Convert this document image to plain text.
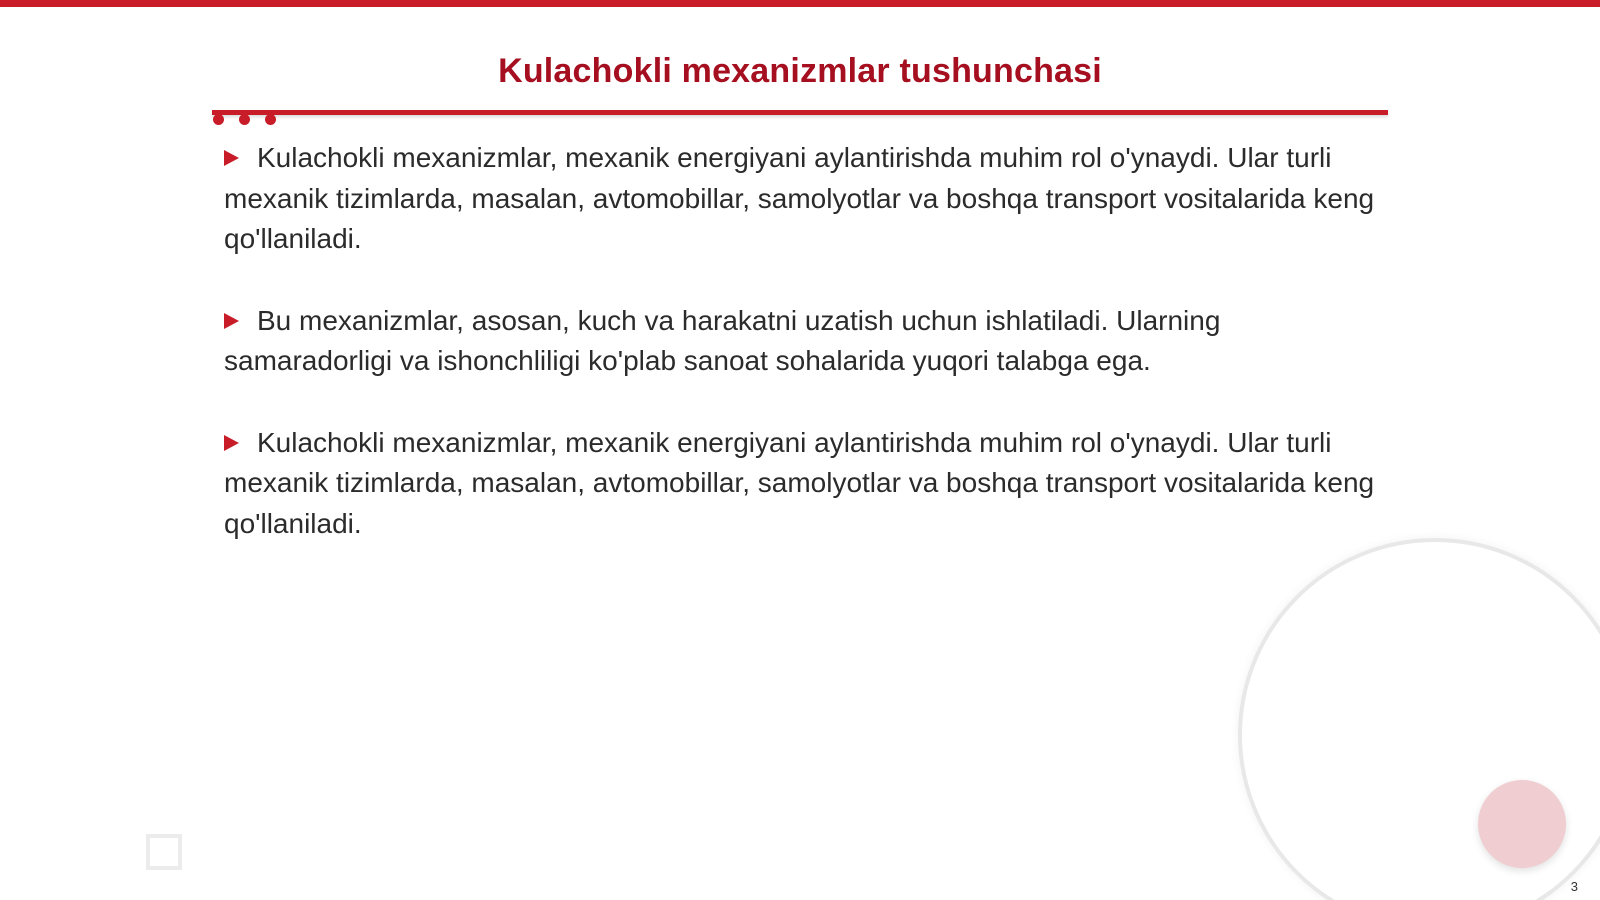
Kulachokli mexanizmlar tushunchasi
Kulachokli mexanizmlar, mexanik energiyani aylantirishda muhim rol o'ynaydi. Ular turli mexanik tizimlarda, masalan, avtomobillar, samolyotlar va boshqa transport vositalarida keng qo'llaniladi.
Bu mexanizmlar, asosan, kuch va harakatni uzatish uchun ishlatiladi. Ularning samaradorligi va ishonchliligi ko'plab sanoat sohalarida yuqori talabga ega.
Kulachokli mexanizmlar, mexanik energiyani aylantirishda muhim rol o'ynaydi. Ular turli mexanik tizimlarda, masalan, avtomobillar, samolyotlar va boshqa transport vositalarida keng qo'llaniladi.
3
